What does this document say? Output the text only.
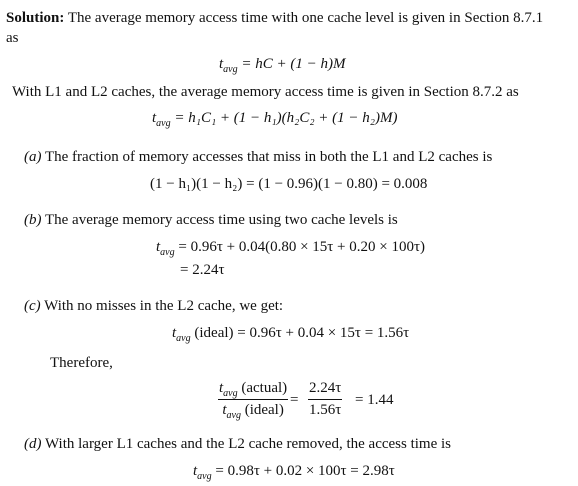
Solution: The average memory access time with one cache level is given in Section 8.7.1
as
$t_{avg}$ = hC + (1 − h)M
With L1 and L2 caches, the average memory access time is given in Section 8.7.2 as
$t_{avg} = h_1C_1 + (1 - h_1)(h_2C_2 + (1 - h_2)M)$
(a) The fraction of memory accesses that miss in both the L1 and L2 caches is
(1 − h₁)(1 − h₂) = (1 − 0.96)(1 − 0.80) = 0.008
(b) The average memory access time using two cache levels is
$t_{avg} = 0.96\tau + 0.04(0.80 \times 15\tau + 0.20 \times 100\tau)$
= 2.24τ
(c) With no misses in the L2 cache, we get:
$t_{avg}$ (ideal) = 0.96τ + 0.04 × 15τ = 1.56τ
Therefore,
$t_{avg}$ (actual)
$t_{avg}$ (ideal)
=
2.24τ
1.56τ
= 1.44
(d) With larger L1 caches and the L2 cache removed, the access time is
$t_{avg} = 0.98\tau + 0.02 \times 100\tau = 2.98\tau$
